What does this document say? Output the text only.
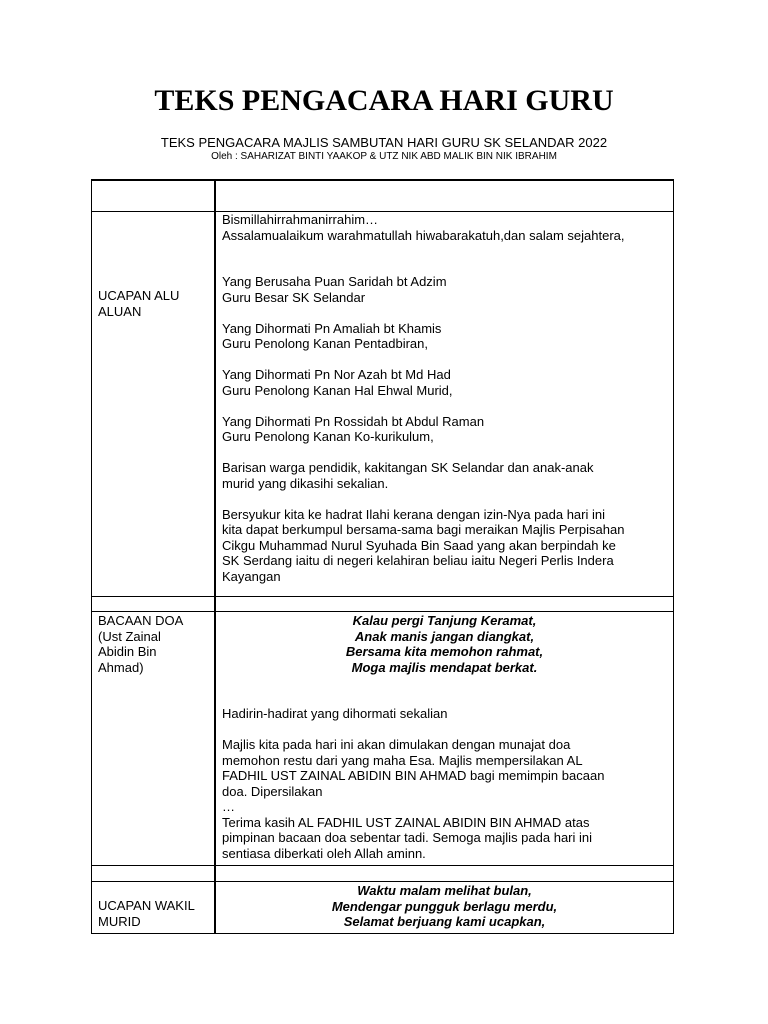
TEKS PENGACARA HARI GURU
TEKS PENGACARA MAJLIS SAMBUTAN HARI GURU SK SELANDAR 2022
Oleh : SAHARIZAT BINTI YAAKOP & UTZ NIK ABD MALIK BIN NIK IBRAHIM
UCAPAN ALU
ALUAN

Bismillahirrahmanirrahim…

Assalamualaikum warahmatullah hiwabarakatuh,dan salam sejahtera,

Yang Berusaha Puan Saridah bt Adzim

Guru Besar SK Selandar

Yang Dihormati Pn Amaliah bt Khamis

Guru Penolong Kanan Pentadbiran,

Yang Dihormati Pn Nor Azah bt Md Had

Guru Penolong Kanan Hal Ehwal Murid,

Yang Dihormati Pn Rossidah bt Abdul Raman

Guru Penolong Kanan Ko-kurikulum,

Barisan warga pendidik, kakitangan SK Selandar dan anak-anak

murid yang dikasihi sekalian.

Bersyukur kita ke hadrat Ilahi kerana dengan izin-Nya pada hari ini

kita dapat berkumpul bersama-sama bagi meraikan Majlis Perpisahan

Cikgu Muhammad Nurul Syuhada Bin Saad yang akan berpindah ke

SK Serdang iaitu di negeri kelahiran beliau iaitu Negeri Perlis Indera

Kayangan

BACAAN DOA
(Ust Zainal
Abidin Bin
Ahmad)

Kalau pergi Tanjung Keramat,

Anak manis jangan diangkat,

Bersama kita memohon rahmat,

Moga majlis mendapat berkat.

Hadirin-hadirat yang dihormati sekalian

Majlis kita pada hari ini akan dimulakan dengan munajat doa

memohon restu dari yang maha Esa. Majlis mempersilakan AL

FADHIL UST ZAINAL ABIDIN BIN AHMAD bagi memimpin bacaan

doa. Dipersilakan

…

Terima kasih AL FADHIL UST ZAINAL ABIDIN BIN AHMAD atas

pimpinan bacaan doa sebentar tadi. Semoga majlis pada hari ini

sentiasa diberkati oleh Allah aminn.

UCAPAN WAKIL
MURID

Waktu malam melihat bulan,

Mendengar pungguk berlagu merdu,

Selamat berjuang kami ucapkan,
